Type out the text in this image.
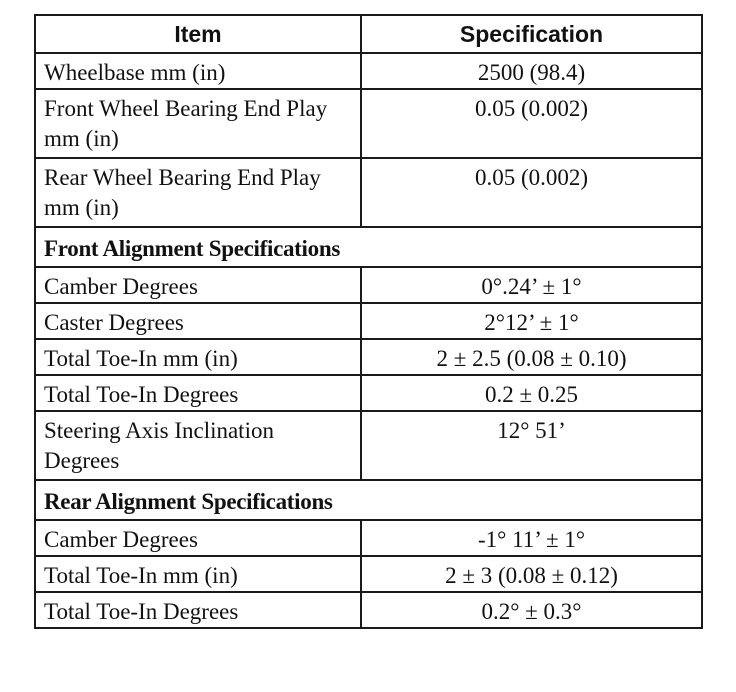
Item	Specification
Wheelbase mm (in)	2500 (98.4)
Front Wheel Bearing End Play mm (in)	0.05 (0.002)
Rear Wheel Bearing End Play mm (in)	0.05 (0.002)
Front Alignment Specifications	
Camber Degrees	0°.24’ ± 1°
Caster Degrees	2°12’ ± 1°
Total Toe-In mm (in)	2 ± 2.5 (0.08 ± 0.10)
Total Toe-In Degrees	0.2 ± 0.25
Steering Axis Inclination Degrees	12° 51’
Rear Alignment Specifications	
Camber Degrees	-1° 11’ ± 1°
Total Toe-In mm (in)	2 ± 3 (0.08 ± 0.12)
Total Toe-In Degrees	0.2° ± 0.3°
